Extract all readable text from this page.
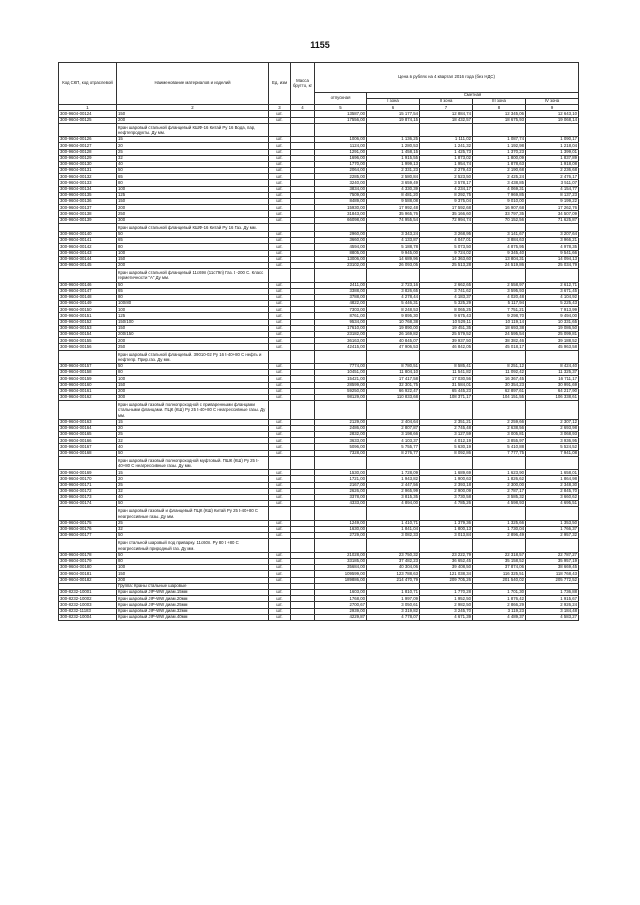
1155
Код СКП, код отраслевой	Наименование материалов и изделий	Ед. изм	Масса брутто, кг	Цена в рублях на 4 квартал 2016 года (без НДС)				
				отпускная	Сметная			
					I зона	II зона	III зона	IV зона
1	2	3	4	5	6	7	8	9
300-9604-00124	150	шт.		13587,00	15 177,54	12 884,74	12 345,06	12 643,10
300-9604-00125	200	шт.		17556,00	19 874,15	18 432,57	18 675,93	19 068,14
	Кран шаровый стальной фланцевый КШФ-16 Китай Ру 16 Вода, пар, нефтепродукты. Ду мм.							
300-9604-00126	15	шт.		1006,00	1 136,25	1 111,02	1 087,74	1 090,17
300-9604-00127	20	шт.		1124,00	1 280,53	1 241,32	1 192,98	1 218,04
300-9604-00128	25	шт.		1291,00	1 458,15	1 425,73	1 370,23	1 399,01
300-9604-00129	32	шт.		1696,00	1 915,55	1 873,02	1 800,09	1 837,89
300-9604-00130	40	шт.		1770,00	1 999,13	1 954,74	1 878,63	1 918,08
300-9604-00131	50	шт.		2064,00	2 331,23	2 279,43	2 190,68	2 236,68
300-9604-00132	65	шт.		2285,00	2 580,84	2 523,50	2 425,24	2 476,17
300-9604-00133	80	шт.		3240,00	3 659,49	3 578,17	3 438,85	3 511,07
300-9604-00134	100	шт.		3834,00	4 330,39	4 234,17	4 069,31	4 154,77
300-9604-00135	125	шт.		7509,00	8 481,20	8 292,75	7 969,85	8 137,23
300-9604-00136	150	шт.		8489,00	9 588,08	9 375,04	9 010,00	9 199,22
300-9604-00137	200	шт.		15930,00	17 992,48	17 592,68	16 907,68	17 262,76
300-9604-00138	250	шт.		31843,00	35 965,76	35 166,60	33 797,35	34 507,09
300-9604-00139	300	шт.		66098,00	74 955,54	72 994,74	70 152,56	71 625,87
	Кран шаровый стальной фланцевый КШФ-16 Китай Ру 16 Газ. Ду мм.							
300-9604-00140	50	шт.		2960,00	3 343,24	3 268,95	3 141,67	3 207,64
300-9604-00141	65	шт.		3660,00	4 133,87	4 047,01	3 884,63	3 966,21
300-9604-00142	80	шт.		4594,00	5 188,78	5 073,50	4 875,95	4 978,35
300-9604-00143	100	шт.		8805,00	9 945,00	9 724,02	9 345,40	9 541,66
300-9604-00144	150	шт.		13006,00	14 689,96	14 363,60	13 804,31	14 094,13
300-9604-00145	200	шт.		23102,00	26 093,05	25 513,28	24 519,86	25 034,79
	Кран шаровый стальной фланцевый 11с69п (11с79п) Газ. t -200 С. Класс герметичности "А" Ду мм.							
300-9604-00146	50	шт.		2411,00	2 723,16	2 662,65	2 558,97	2 612,71
300-9604-00147	65	шт.		3388,00	3 826,65	3 741,62	3 595,93	3 671,45
300-9604-00148	80	шт.		3788,00	4 278,44	4 183,37	4 020,48	4 104,92
300-9604-00149	100/80	шт.		4822,00	5 446,31	5 325,29	5 117,94	5 225,43
300-9604-00150	100	шт.		7303,00	8 248,53	8 065,25	7 751,21	7 913,99
300-9604-00151	125	шт.		8761,00	9 895,30	9 675,43	9 298,70	9 494,00
300-9604-00152	150/100	шт.		9534,00	10 768,38	10 529,11	10 119,14	10 331,65
300-9604-00153	150	шт.		17610,00	19 890,00	19 451,35	18 693,38	19 086,50
300-9604-00154	200/150	шт.		23182,00	26 169,82	25 579,52	24 595,54	25 099,81
300-9604-00155	200	шт.		36163,00	40 845,07	39 937,50	38 382,46	39 188,52
300-9604-00156	250	шт.		42415,00	47 906,53	46 842,05	45 018,17	45 963,58
	Кран шаровый стальной фланцевый. 39010-02 Ру 16 t-40+80 С нефть и нефтепр. Прир.газ. Ду мм.							
300-9604-00157	50	шт.		7774,00	8 780,51	8 585,41	8 251,12	8 424,40
300-9604-00158	80	шт.		10451,00	11 804,10	11 541,82	11 092,42	11 325,37
300-9604-00159	100	шт.		15421,00	17 417,58	17 030,56	16 367,45	16 711,17
300-9604-00160	150	шт.		28599,00	32 301,75	31 584,01	30 354,23	30 991,69
300-9604-00161	200	шт.		59250,00	66 922,47	65 445,23	62 897,61	64 217,90
300-9604-00162	300	шт.		98129,00	110 833,68	108 371,17	104 151,55	106 338,61
	Кран шаровый газовый полнопроходной с приваренными фланцами стальными фланцами. ПЦК (КШ) Ру 25 t-40+80 С неагрессивные газы. Ду мм.							
300-9604-00163	15	шт.		2129,00	2 404,64	2 351,21	2 259,66	2 307,12
300-9604-00164	20	шт.		2486,00	2 807,87	2 745,48	2 638,56	2 693,98
300-9604-00165	25	шт.		2832,00	3 198,66	3 127,59	3 005,81	3 068,93
300-9604-00166	32	шт.		3633,00	4 103,37	4 012,19	3 855,97	3 936,95
300-9604-00167	40	шт.		5096,00	5 755,77	5 630,19	5 410,88	5 524,52
300-9604-00168	50	шт.		7328,00	8 276,77	8 092,86	7 777,75	7 941,08
	Кран шаровый газовый полнопроходной муфтовый. ПШК (КШ) Ру 25 t-40+80 С неагрессивные газы. Ду мм.							
300-9604-00169	15	шт.		1530,00	1 728,09	1 689,69	1 623,90	1 658,01
300-9604-00170	20	шт.		1721,00	1 943,82	1 900,63	1 826,62	1 864,98
300-9604-00171	25	шт.		2167,00	2 447,56	2 393,18	2 300,00	2 348,30
300-9604-00172	32	шт.		2626,00	2 965,99	2 900,09	2 787,17	2 845,70
300-9604-00173	40	шт.		3378,00	3 815,35	3 730,58	3 585,32	3 660,62
300-9604-00174	50	шт.		4333,00	4 894,00	4 785,26	4 598,93	4 695,51
	Кран шаровый газовый и фланцевый ПЦК (КШ) Китай Ру 25 t-40+80 С неагрессивные газы. Ду мм.							
300-9604-00175	25	шт.		1249,00	1 410,71	1 379,36	1 325,66	1 353,50
300-9604-00176	32	шт.		1630,00	1 841,04	1 800,13	1 730,04	1 766,37
300-9604-00177	50	шт.		2729,00	3 082,33	3 013,84	2 896,49	2 957,32
	Кран стальной шаровый под приварку. 11с60п. Ру 80 t +80 С неагрессивный природный газ. Ду мм.							
300-9604-00178	50	шт.		21028,00	23 750,32	23 222,79	22 318,57	22 787,27
300-9604-00179	80	шт.		33185,00	37 482,23	36 652,45	35 158,52	35 957,19
300-9604-00180	100	шт.		35684,00	40 304,06	39 408,50	37 874,06	38 669,45
300-9604-00181	150	шт.		109599,00	123 788,63	121 038,34	116 325,51	118 768,43
300-9604-00182	200	шт.		189886,00	214 470,79	209 705,26	201 540,02	205 772,52
	Группа: Краны стальные шаровые							
300-8232-10001	Кран шаровый JIP-WW диам.15мм	шт.		1603,00	1 810,71	1 770,28	1 701,30	1 736,88
300-8232-10002	Кран шаровый JIP-WW диам.20мм	шт.		1768,00	1 997,09	1 952,50	1 876,42	1 915,67
300-8232-10003	Кран шаровый JIP-WW диам.25мм	шт.		2700,67	3 050,61	2 982,50	2 866,29	2 926,24
300-8232-11183	Кран шаровый JIP-WW диам.32мм	шт.		2939,00	3 319,82	3 245,70	3 119,23	3 184,48
300-8232-10004	Кран шаровый JIP-WW диам.40мм	шт.		4229,87	4 778,07	4 671,39	4 489,37	4 583,27
